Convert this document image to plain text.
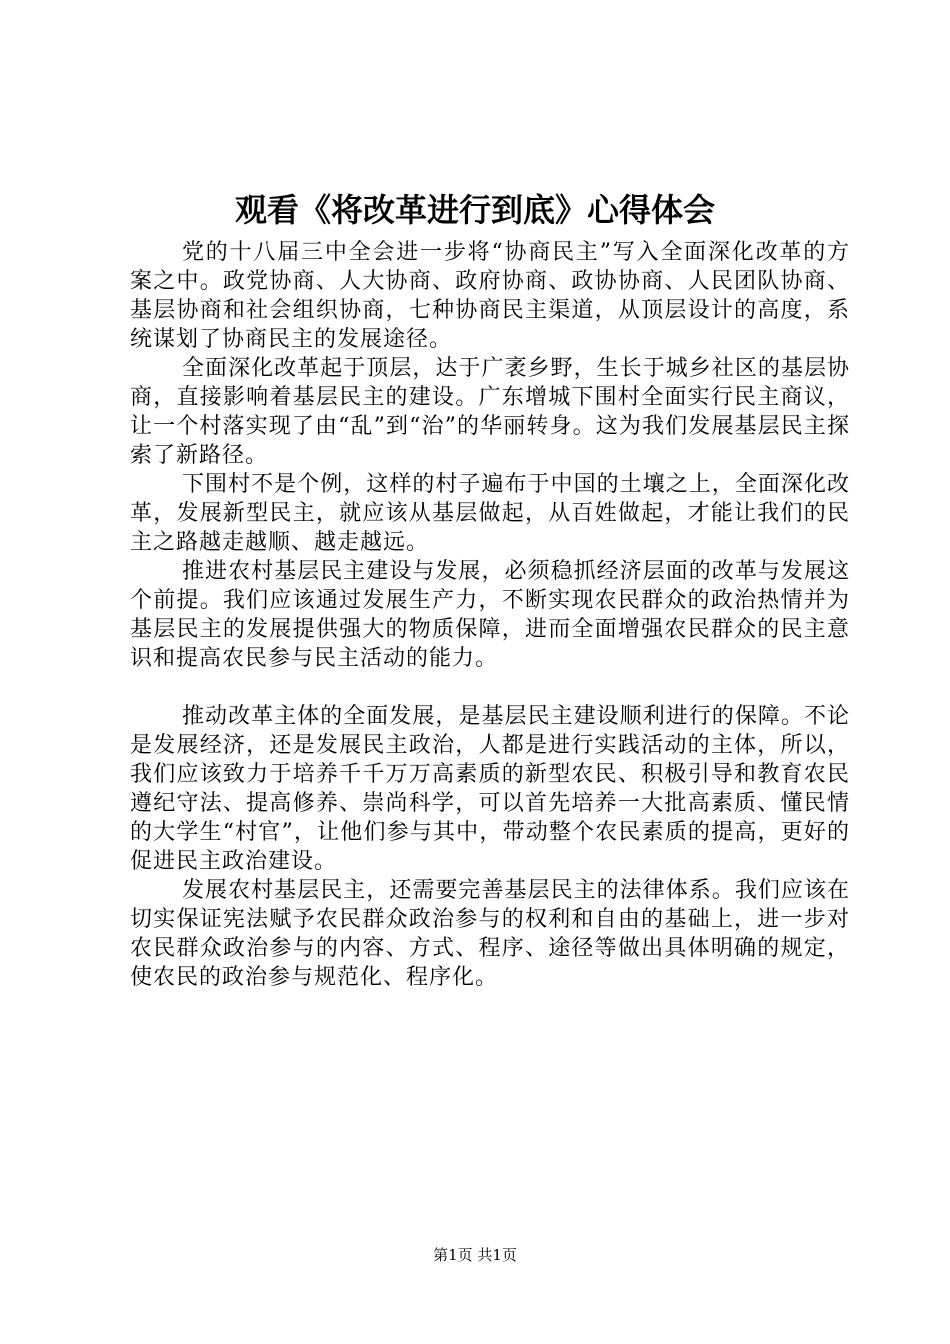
观看《将改革进行到底》心得体会

党的十八届三中全会进一步将“协商民主”写入全面深化改革的方案之中。政党协商、人大协商、政府协商、政协协商、人民团队协商、基层协商和社会组织协商，七种协商民主渠道，从顶层设计的高度，系统谋划了协商民主的发展途径。

全面深化改革起于顶层，达于广袤乡野，生长于城乡社区的基层协商，直接影响着基层民主的建设。广东增城下围村全面实行民主商议，让一个村落实现了由“乱”到“治”的华丽转身。这为我们发展基层民主探索了新路径。

下围村不是个例，这样的村子遍布于中国的土壤之上，全面深化改革，发展新型民主，就应该从基层做起，从百姓做起，才能让我们的民主之路越走越顺、越走越远。

推进农村基层民主建设与发展，必须稳抓经济层面的改革与发展这个前提。我们应该通过发展生产力，不断实现农民群众的政治热情并为基层民主的发展提供强大的物质保障，进而全面增强农民群众的民主意识和提高农民参与民主活动的能力。

推动改革主体的全面发展，是基层民主建设顺利进行的保障。不论是发展经济，还是发展民主政治，人都是进行实践活动的主体，所以，我们应该致力于培养千千万万高素质的新型农民、积极引导和教育农民遵纪守法、提高修养、崇尚科学，可以首先培养一大批高素质、懂民情的大学生“村官”，让他们参与其中，带动整个农民素质的提高，更好的促进民主政治建设。

发展农村基层民主，还需要完善基层民主的法律体系。我们应该在切实保证宪法赋予农民群众政治参与的权利和自由的基础上，进一步对农民群众政治参与的内容、方式、程序、途径等做出具体明确的规定，使农民的政治参与规范化、程序化。

第1页 共1页
